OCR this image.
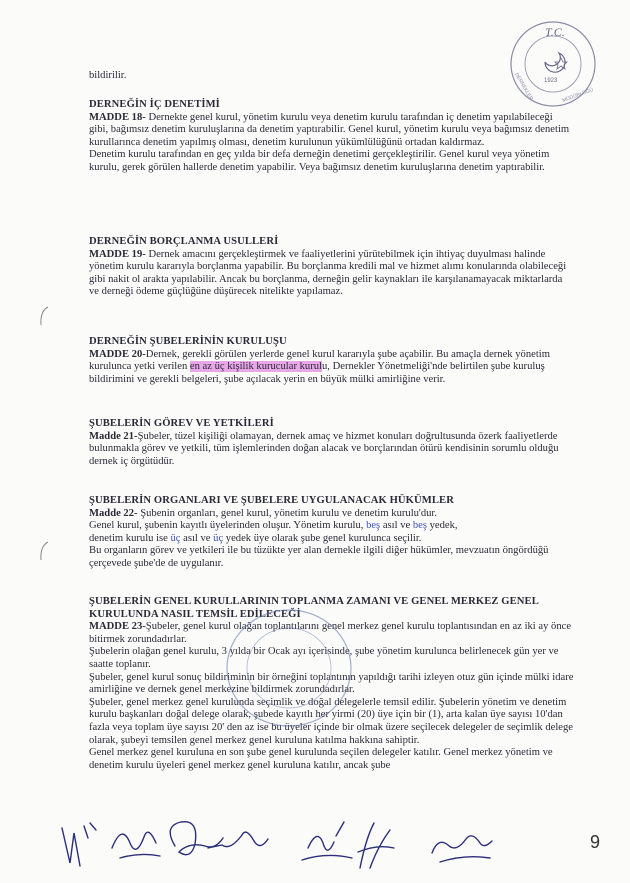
T.C.
1923
DERNEKLER	MÜDÜRLÜĞÜ

bildirilir.

DERNEĞİN İÇ DENETİMİ

MADDE 18- Dernekte genel kurul, yönetim kurulu veya denetim kurulu tarafından iç denetim yapılabileceği gibi, bağımsız denetim kuruluşlarına da denetim yaptırabilir. Genel kurul, yönetim kurulu veya bağımsız denetim kurullarınca denetim yapılmış olması, denetim kurulunun yükümlülüğünü ortadan kaldırmaz.

Denetim kurulu tarafından en geç yılda bir defa derneğin denetimi gerçekleştirilir. Genel kurul veya yönetim kurulu, gerek görülen hallerde denetim yapabilir. Veya bağımsız denetim kuruluşlarına denetim yaptırabilir.

DERNEĞİN BORÇLANMA USULLERİ

MADDE 19- Dernek amacını gerçekleştirmek ve faaliyetlerini yürütebilmek için ihtiyaç duyulması halinde yönetim kurulu kararıyla borçlanma yapabilir. Bu borçlanma kredili mal ve hizmet alımı konularında olabileceği gibi nakit ol arakta yapılabilir. Ancak bu borçlanma, derneğin gelir kaynakları ile karşılanamayacak miktarlarda ve derneği ödeme güçlüğüne düşürecek nitelikte yapılamaz.

DERNEĞİN ŞUBELERİNİN KURULUŞU

MADDE 20-Dernek, gerekli görülen yerlerde genel kurul kararıyla şube açabilir. Bu amaçla dernek yönetim kurulunca yetki verilen en az üç kişilik kurucular kurulu, Dernekler Yönetmeliği'nde belirtilen şube kuruluş bildirimini ve gerekli belgeleri, şube açılacak yerin en büyük mülki amirliğine verir.

ŞUBELERİN GÖREV VE YETKİLERİ

Madde 21-Şubeler, tüzel kişiliği olamayan, dernek amaç ve hizmet konuları doğrultusunda özerk faaliyetlerde bulunmakla görev ve yetkili, tüm işlemlerinden doğan alacak ve borçlarından ötürü kendisinin sorumlu olduğu dernek iç örgütüdür.

ŞUBELERİN ORGANLARI VE ŞUBELERE UYGULANACAK HÜKÜMLER

Madde 22- Şubenin organları, genel kurul, yönetim kurulu ve denetim kurulu'dur.

Genel kurul, şubenin kayıtlı üyelerinden oluşur. Yönetim kurulu, beş asıl ve beş yedek,

denetim kurulu ise üç asıl ve üç yedek üye olarak şube genel kurulunca seçilir.

Bu organların görev ve yetkileri ile bu tüzükte yer alan dernekle ilgili diğer hükümler, mevzuatın öngördüğü çerçevede şube'de de uygulanır.

ŞUBELERİN GENEL KURULLARININ TOPLANMA ZAMANI VE GENEL MERKEZ GENEL KURULUNDA NASIL TEMSİL EDİLECEĞİ

MADDE 23-Şubeler, genel kurul olağan toplantılarını genel merkez genel kurulu toplantısından en az iki ay önce bitirmek zorundadırlar.

Şubelerin olağan genel kurulu, 3 yılda bir Ocak ayı içerisinde, şube yönetim kurulunca belirlenecek gün yer ve saatte toplanır.

Şubeler, genel kurul sonuç bildiriminin bir örneğini toplantının yapıldığı tarihi izleyen otuz gün içinde mülki idare amirliğine ve dernek genel merkezine bildirmek zorundadırlar.

Şubeler, genel merkez genel kurulunda seçimlik ve doğal delegelerle temsil edilir. Şubelerin yönetim ve denetim kurulu başkanları doğal delege olarak, şubede kayıtlı her yirmi (20) üye için bir (1), arta kalan üye sayısı 10'dan fazla veya toplam üye sayısı 20' den az ise bu üyeler içinde bir olmak üzere seçilecek delegeler de seçimlik delege olarak, şubeyi temsilen genel merkez genel kuruluna katılma hakkına sahiptir.

Genel merkez genel kuruluna en son şube genel kurulunda seçilen delegeler katılır. Genel merkez yönetim ve denetim kurulu üyeleri genel merkez genel kuruluna katılır, ancak şube

9
